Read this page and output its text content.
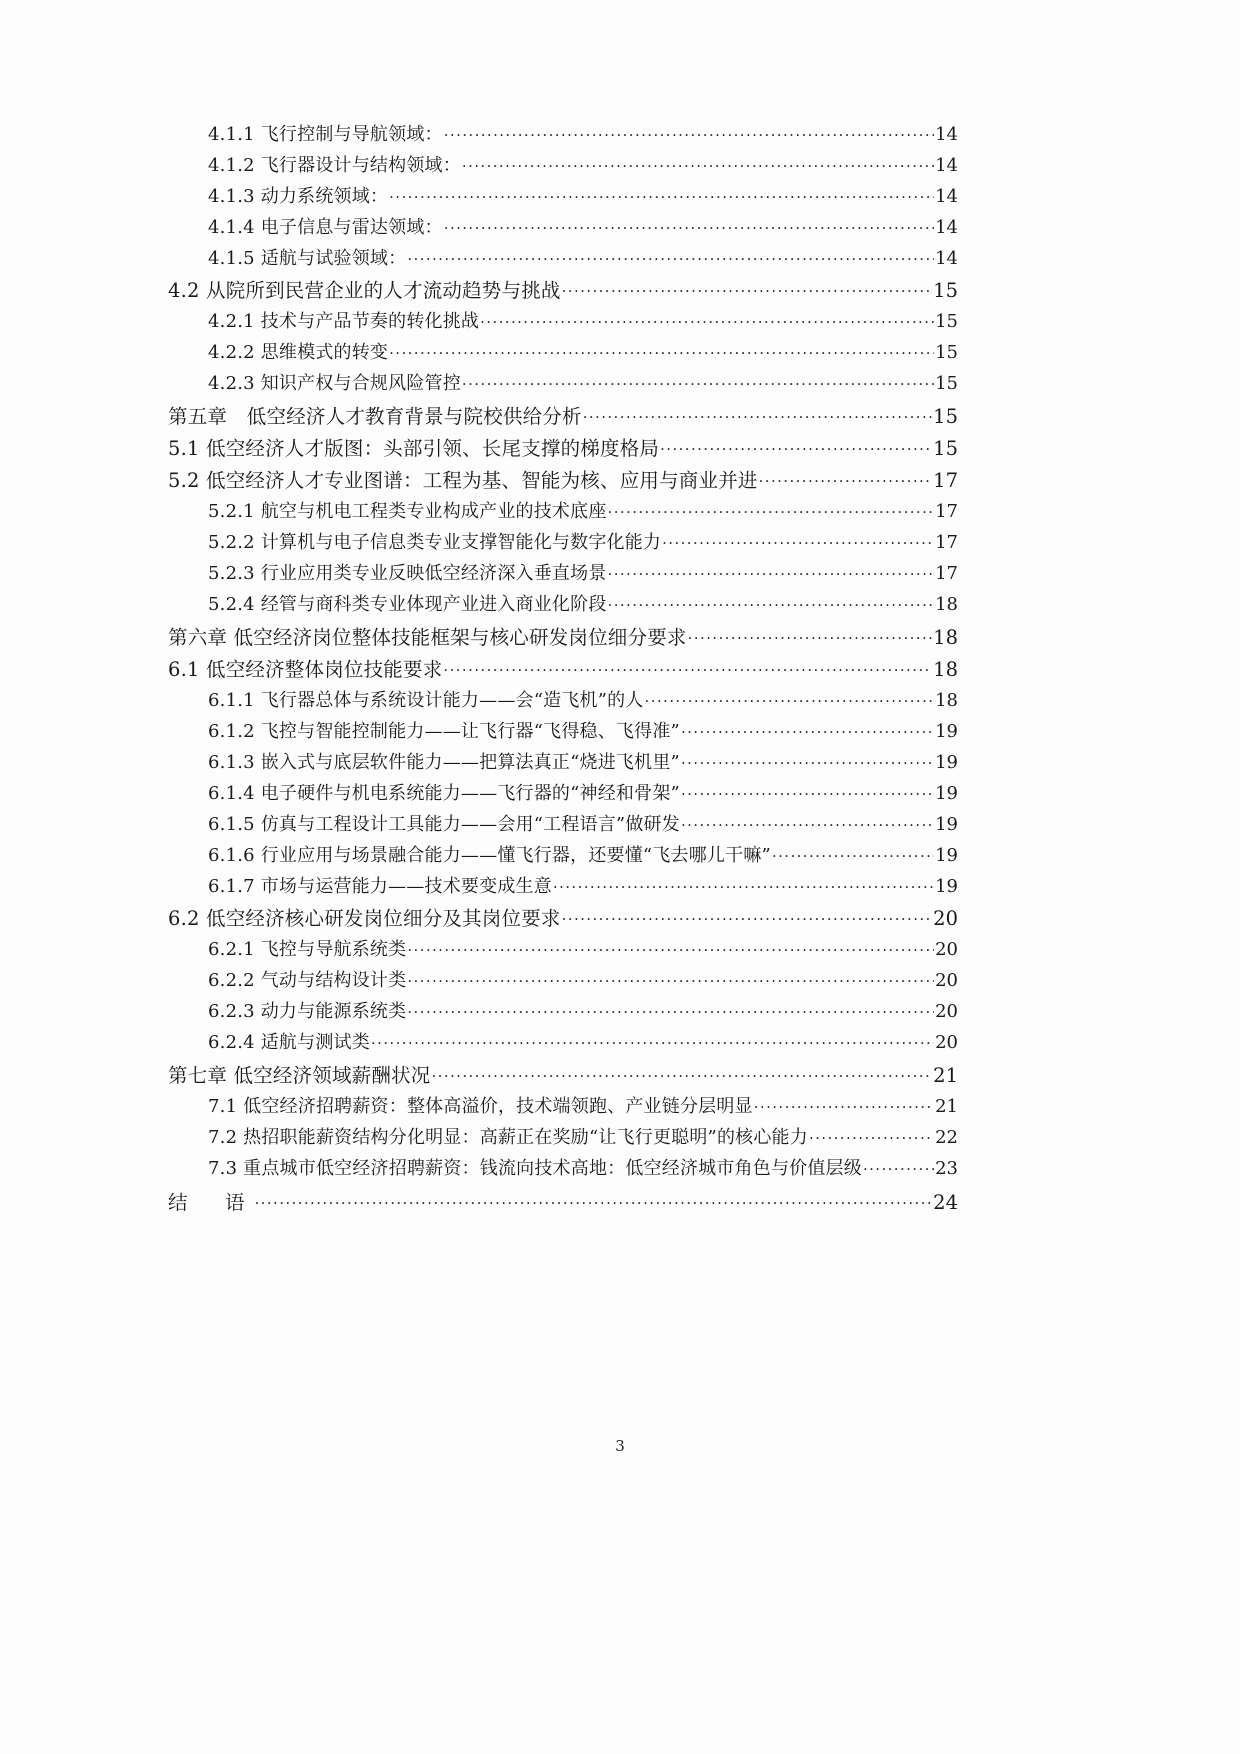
4.1.1 飞行控制与导航领域： .....	14
4.1.2 飞行器设计与结构领域： .....	14
4.1.3 动力系统领域： .....	14
4.1.4 电子信息与雷达领域： .....	14
4.1.5 适航与试验领域： .....	14
4.2 从院所到民营企业的人才流动趋势与挑战 .....	15
4.2.1 技术与产品节奏的转化挑战 .....	15
4.2.2 思维模式的转变 .....	15
4.2.3 知识产权与合规风险管控 .....	15
第五章　低空经济人才教育背景与院校供给分析 .....	15
5.1 低空经济人才版图：头部引领、长尾支撑的梯度格局 .....	15
5.2 低空经济人才专业图谱：工程为基、智能为核、应用与商业并进 .....	17
5.2.1 航空与机电工程类专业构成产业的技术底座 .....	17
5.2.2 计算机与电子信息类专业支撑智能化与数字化能力 .....	17
5.2.3 行业应用类专业反映低空经济深入垂直场景 .....	17
5.2.4 经管与商科类专业体现产业进入商业化阶段 .....	18
第六章 低空经济岗位整体技能框架与核心研发岗位细分要求 .....	18
6.1 低空经济整体岗位技能要求 .....	18
6.1.1 飞行器总体与系统设计能力——会“造飞机”的人 .....	18
6.1.2 飞控与智能控制能力——让飞行器“飞得稳、飞得准” .....	19
6.1.3 嵌入式与底层软件能力——把算法真正“烧进飞机里” .....	19
6.1.4 电子硬件与机电系统能力——飞行器的“神经和骨架” .....	19
6.1.5 仿真与工程设计工具能力——会用“工程语言”做研发 .....	19
6.1.6 行业应用与场景融合能力——懂飞行器，还要懂“飞去哪儿干嘛” .....	19
6.1.7 市场与运营能力——技术要变成生意 .....	19
6.2 低空经济核心研发岗位细分及其岗位要求 .....	20
6.2.1 飞控与导航系统类 .....	20
6.2.2 气动与结构设计类 .....	20
6.2.3 动力与能源系统类 .....	20
6.2.4 适航与测试类 .....	20
第七章 低空经济领域薪酬状况 .....	21
7.1 低空经济招聘薪资：整体高溢价，技术端领跑、产业链分层明显 .....	21
7.2 热招职能薪资结构分化明显：高薪正在奖励“让飞行更聪明”的核心能力 .....	22
7.3 重点城市低空经济招聘薪资：钱流向技术高地：低空经济城市角色与价值层级 .....	23
结　语 .....	24
3
